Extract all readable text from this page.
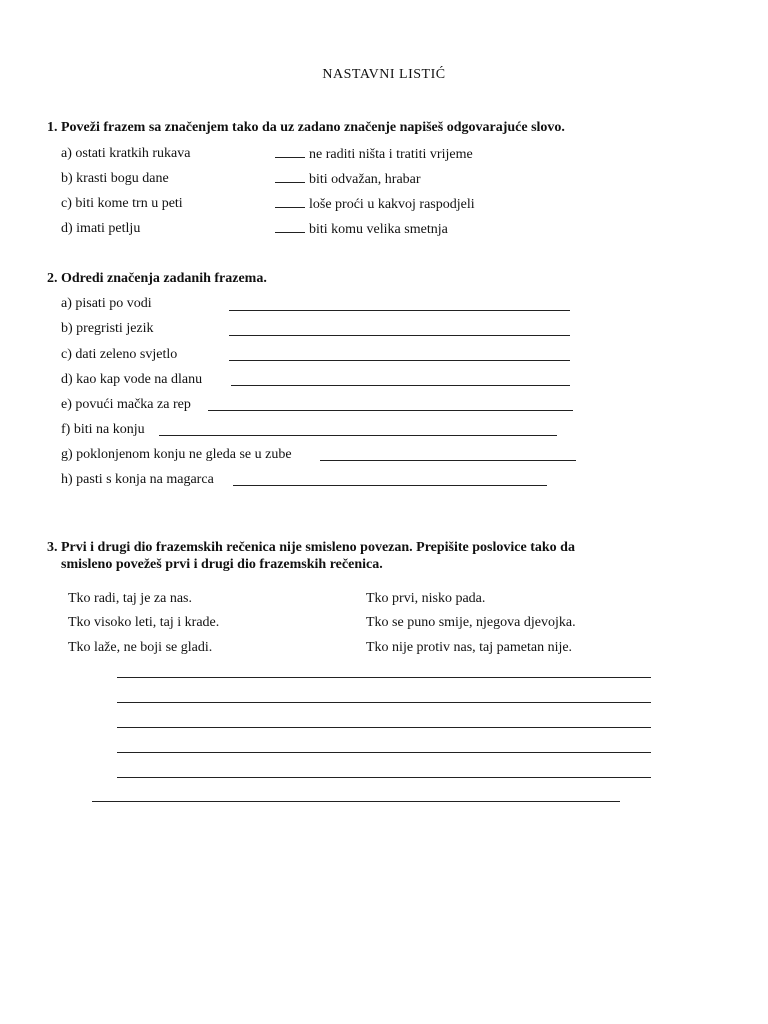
NASTAVNI LISTIĆ
1. Poveži frazem sa značenjem tako da uz zadano značenje napišeš odgovarajuće slovo.
a) ostati kratkih rukava
b) krasti bogu dane
c) biti kome trn u peti
d) imati petlju
ne raditi ništa i tratiti vrijeme
biti odvažan, hrabar
loše proći u kakvoj raspodjeli
biti komu velika smetnja
2. Odredi značenja zadanih frazema.
a) pisati po vodi
b) pregristi jezik
c) dati zeleno svjetlo
d) kao kap vode na dlanu
e) povući mačka za rep
f) biti na konju
g) poklonjenom konju ne gleda se u zube
h) pasti s konja na magarca
3. Prvi i drugi dio frazemskih rečenica nije smisleno povezan. Prepišite poslovice tako da
smisleno povežeš prvi i drugi dio frazemskih rečenica.
Tko radi, taj je za nas.
Tko visoko leti, taj i krade.
Tko laže, ne boji se gladi.
Tko prvi, nisko pada.
Tko se puno smije, njegova djevojka.
Tko nije protiv nas, taj pametan nije.
